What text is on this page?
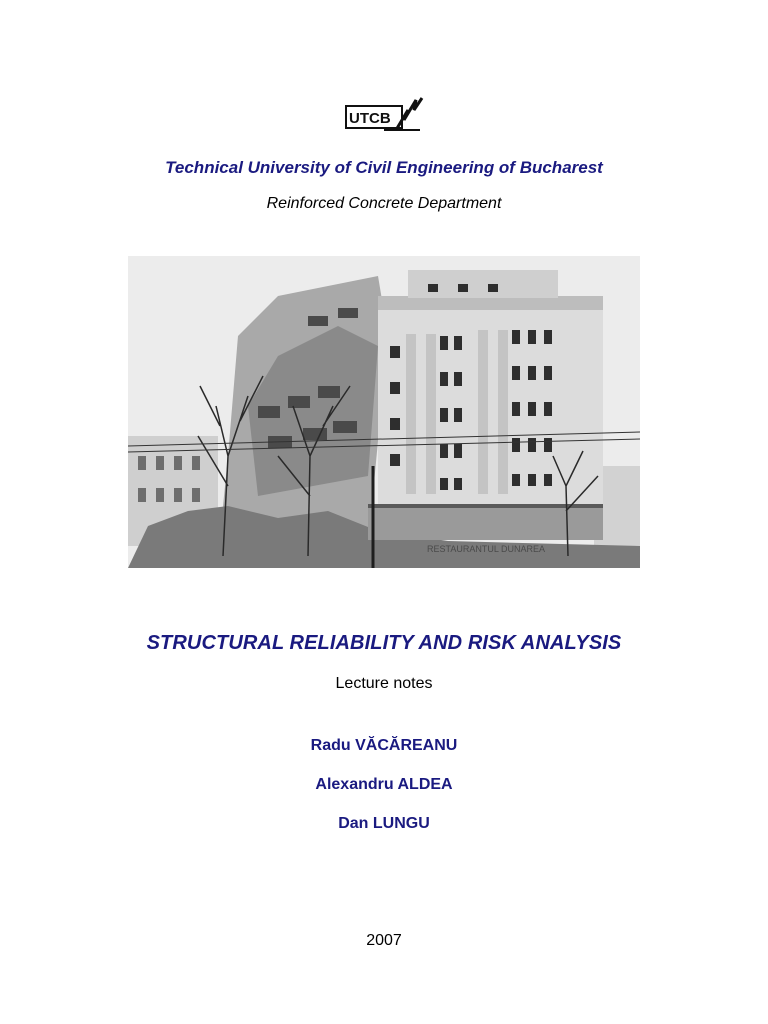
UTCB
Technical University of Civil Engineering of Bucharest
Reinforced Concrete Department
RESTAURANTUL DUNAREA
STRUCTURAL RELIABILITY AND RISK ANALYSIS
Lecture notes
Radu VĂCĂREANU
Alexandru ALDEA
Dan LUNGU
2007
